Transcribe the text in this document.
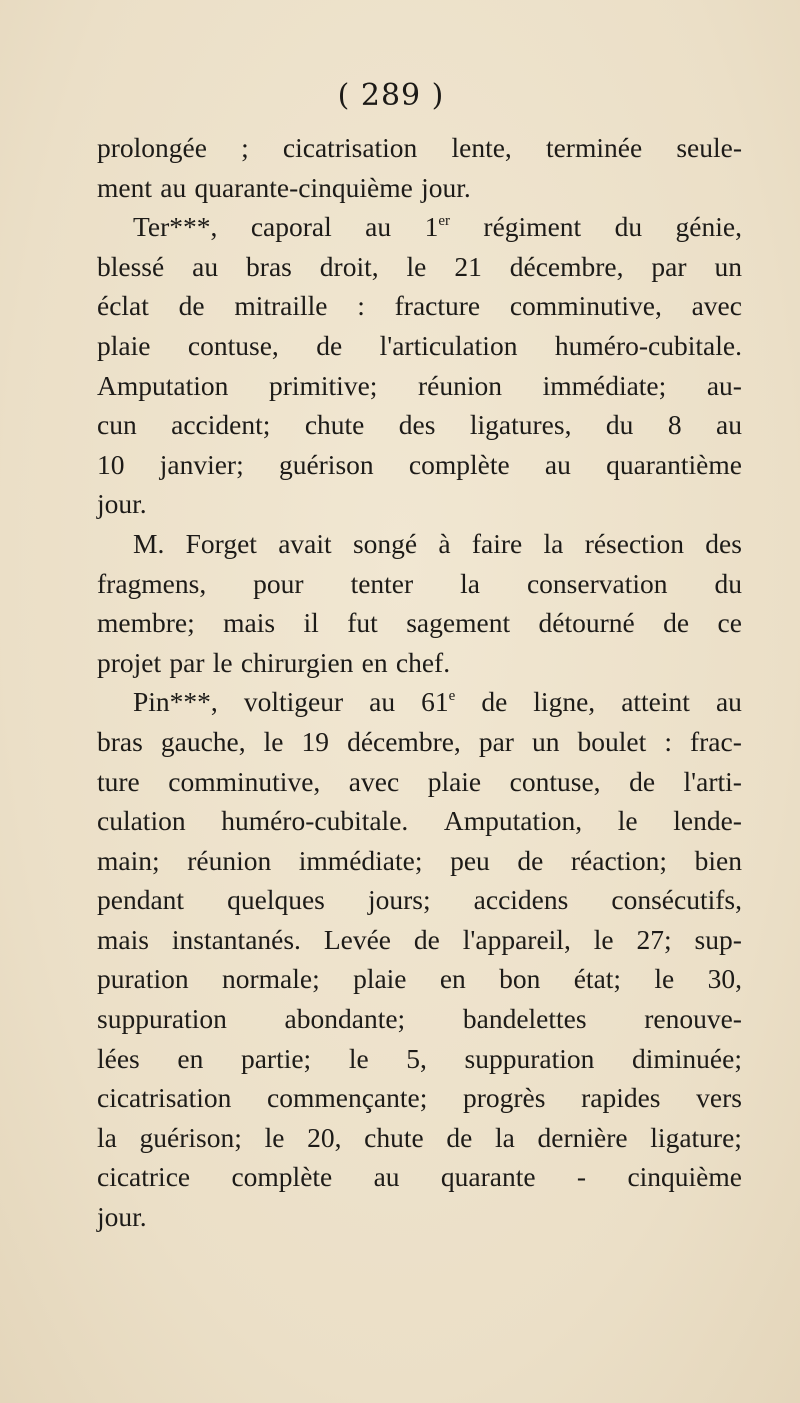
( 289 )
prolongée ; cicatrisation lente, terminée seule-
ment au quarante-cinquième jour.
Ter***, caporal au 1er régiment du génie,
blessé au bras droit, le 21 décembre, par un
éclat de mitraille : fracture comminutive, avec
plaie contuse, de l'articulation huméro-cubitale.
Amputation primitive; réunion immédiate; au-
cun accident; chute des ligatures, du 8 au
10 janvier; guérison complète au quarantième
jour.
M. Forget avait songé à faire la résection des
fragmens, pour tenter la conservation du
membre; mais il fut sagement détourné de ce
projet par le chirurgien en chef.
Pin***, voltigeur au 61e de ligne, atteint au
bras gauche, le 19 décembre, par un boulet : frac-
ture comminutive, avec plaie contuse, de l'arti-
culation huméro-cubitale. Amputation, le lende-
main; réunion immédiate; peu de réaction; bien
pendant quelques jours; accidens consécutifs,
mais instantanés. Levée de l'appareil, le 27; sup-
puration normale; plaie en bon état; le 30,
suppuration abondante; bandelettes renouve-
lées en partie; le 5, suppuration diminuée;
cicatrisation commençante; progrès rapides vers
la guérison; le 20, chute de la dernière ligature;
cicatrice complète au quarante - cinquième
jour.
